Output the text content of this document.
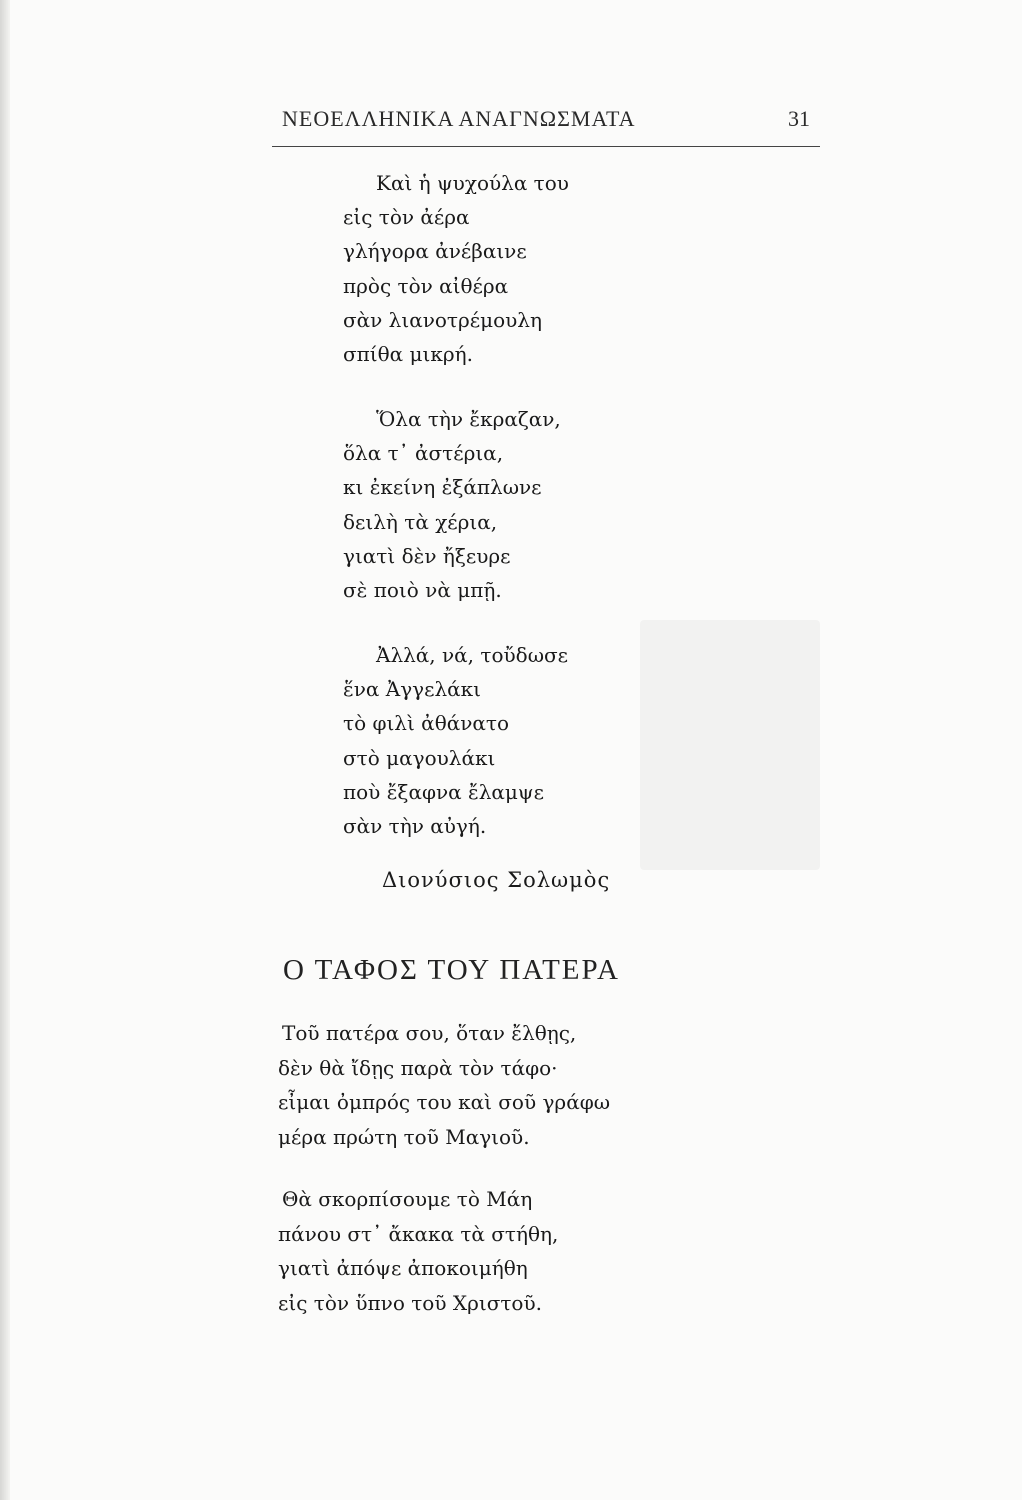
ΝΕΟΕΛΛΗΝΙΚΑ ΑΝΑΓΝΩΣΜΑΤΑ	31
Καὶ ἡ ψυχούλα του
εἰς τὸν ἀέρα
γλήγορα ἀνέβαινε
πρὸς τὸν αἰθέρα
σὰν λιανοτρέμουλη
σπίθα μικρή.
Ὅλα τὴν ἔκραζαν,
ὅλα τ᾽ ἀστέρια,
κι ἐκείνη ἐξάπλωνε
δειλὴ τὰ χέρια,
γιατὶ δὲν ἤξευρε
σὲ ποιὸ νὰ μπῇ.
Ἀλλά, νά, τοὔδωσε
ἕνα Ἀγγελάκι
τὸ φιλὶ ἀθάνατο
στὸ μαγουλάκι
ποὺ ἔξαφνα ἔλαμψε
σὰν τὴν αὐγή.
Διονύσιος Σολωμὸς
Ο ΤΑΦΟΣ ΤΟΥ ΠΑΤΕΡΑ
Τοῦ πατέρα σου, ὅταν ἔλθῃς,
δὲν θὰ ἴδῃς παρὰ τὸν τάφο·
εἶμαι ὀμπρός του καὶ σοῦ γράφω
μέρα πρώτη τοῦ Μαγιοῦ.
Θὰ σκορπίσουμε τὸ Μάη
πάνου στ᾽ ἄκακα τὰ στήθη,
γιατὶ ἀπόψε ἀποκοιμήθη
εἰς τὸν ὕπνο τοῦ Χριστοῦ.
